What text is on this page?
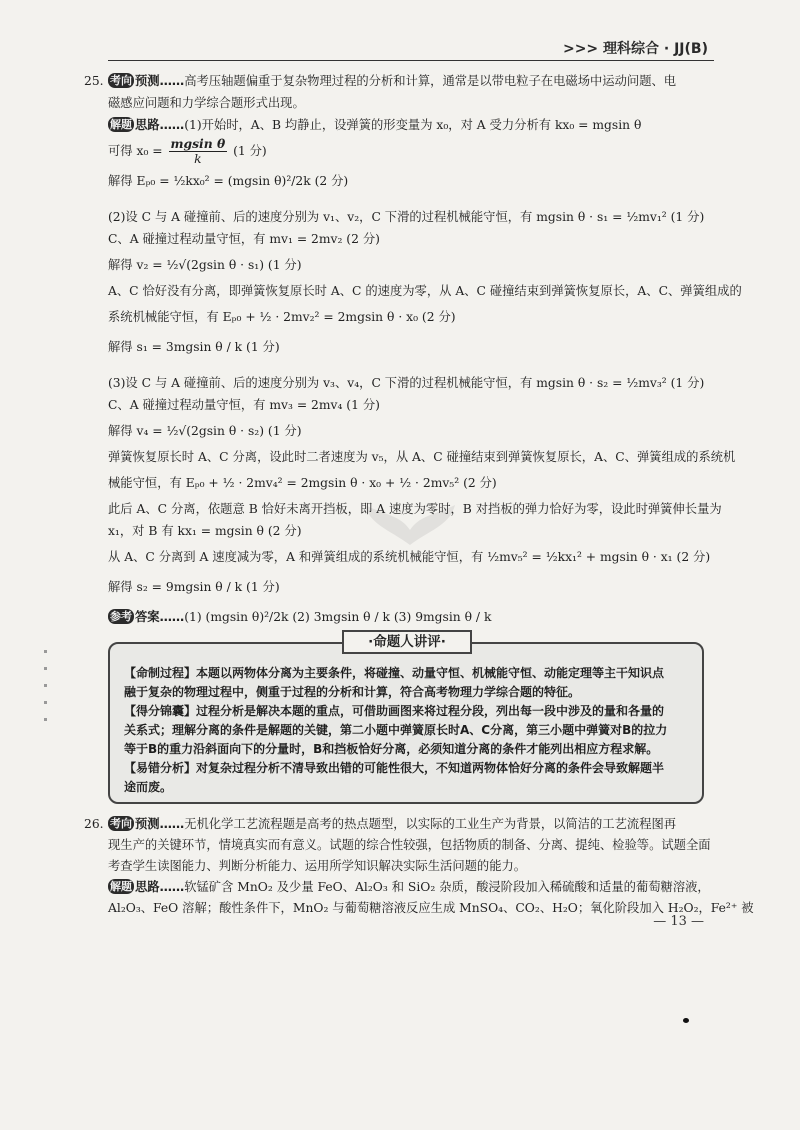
>>> 理科综合 · JJ(B)

25. 考向 预测……高考压轴题偏重于复杂物理过程的分析和计算，通常是以带电粒子在电磁场中运动问题、电

磁感应问题和力学综合题形式出现。

解题 思路……(1)开始时，A、B 均静止，设弹簧的形变量为 x₀，对 A 受力分析有 kx₀ = mgsin θ

可得 $x_0 = \frac{\text{mgsin θ}}{k} (1$ 分)

解得 Eₚ₀ = ½kx₀² = (mgsin θ)²/2k (2 分)

(2)设 C 与 A 碰撞前、后的速度分别为 v₁、v₂，C 下滑的过程机械能守恒，有 mgsin θ · s₁ = ½mv₁² (1 分)

C、A 碰撞过程动量守恒，有 mv₁ = 2mv₂ (2 分)

解得 v₂ = ½√(2gsin θ · s₁) (1 分)

A、C 恰好没有分离，即弹簧恢复原长时 A、C 的速度为零，从 A、C 碰撞结束到弹簧恢复原长，A、C、弹簧组成的

系统机械能守恒，有 Eₚ₀ + ½ · 2mv₂² = 2mgsin θ · x₀ (2 分)

解得 s₁ = 3mgsin θ / k (1 分)

(3)设 C 与 A 碰撞前、后的速度分别为 v₃、v₄，C 下滑的过程机械能守恒，有 mgsin θ · s₂ = ½mv₃² (1 分)

C、A 碰撞过程动量守恒，有 mv₃ = 2mv₄ (1 分)

解得 v₄ = ½√(2gsin θ · s₂) (1 分)

弹簧恢复原长时 A、C 分离，设此时二者速度为 v₅，从 A、C 碰撞结束到弹簧恢复原长，A、C、弹簧组成的系统机

械能守恒，有 Eₚ₀ + ½ · 2mv₄² = 2mgsin θ · x₀ + ½ · 2mv₅² (2 分)

此后 A、C 分离，依题意 B 恰好未离开挡板，即 A 速度为零时，B 对挡板的弹力恰好为零，设此时弹簧伸长量为

x₁，对 B 有 kx₁ = mgsin θ (2 分)

从 A、C 分离到 A 速度减为零，A 和弹簧组成的系统机械能守恒，有 ½mv₅² = ½kx₁² + mgsin θ · x₁ (2 分)

解得 s₂ = 9mgsin θ / k (1 分)

参考 答案……(1) (mgsin θ)²/2k (2) 3mgsin θ / k (3) 9mgsin θ / k

·命题人讲评·

【命制过程】本题以两物体分离为主要条件，将碰撞、动量守恒、机械能守恒、动能定理等主干知识点

融于复杂的物理过程中，侧重于过程的分析和计算，符合高考物理力学综合题的特征。

【得分锦囊】过程分析是解决本题的重点，可借助画图来将过程分段，列出每一段中涉及的量和各量的

关系式；理解分离的条件是解题的关键，第二小题中弹簧原长时A、C分离，第三小题中弹簧对B的拉力

等于B的重力沿斜面向下的分量时，B和挡板恰好分离，必须知道分离的条件才能列出相应方程求解。

【易错分析】对复杂过程分析不清导致出错的可能性很大，不知道两物体恰好分离的条件会导致解题半

途而废。

26. 考向 预测……无机化学工艺流程题是高考的热点题型，以实际的工业生产为背景，以简洁的工艺流程图再

现生产的关键环节，情境真实而有意义。试题的综合性较强，包括物质的制备、分离、提纯、检验等。试题全面

考查学生读图能力、判断分析能力、运用所学知识解决实际生活问题的能力。

解题 思路……软锰矿含 MnO₂ 及少量 FeO、Al₂O₃ 和 SiO₂ 杂质，酸浸阶段加入稀硫酸和适量的葡萄糖溶液，

Al₂O₃、FeO 溶解；酸性条件下，MnO₂ 与葡萄糖溶液反应生成 MnSO₄、CO₂、H₂O；氧化阶段加入 H₂O₂，Fe²⁺ 被

— 13 —
